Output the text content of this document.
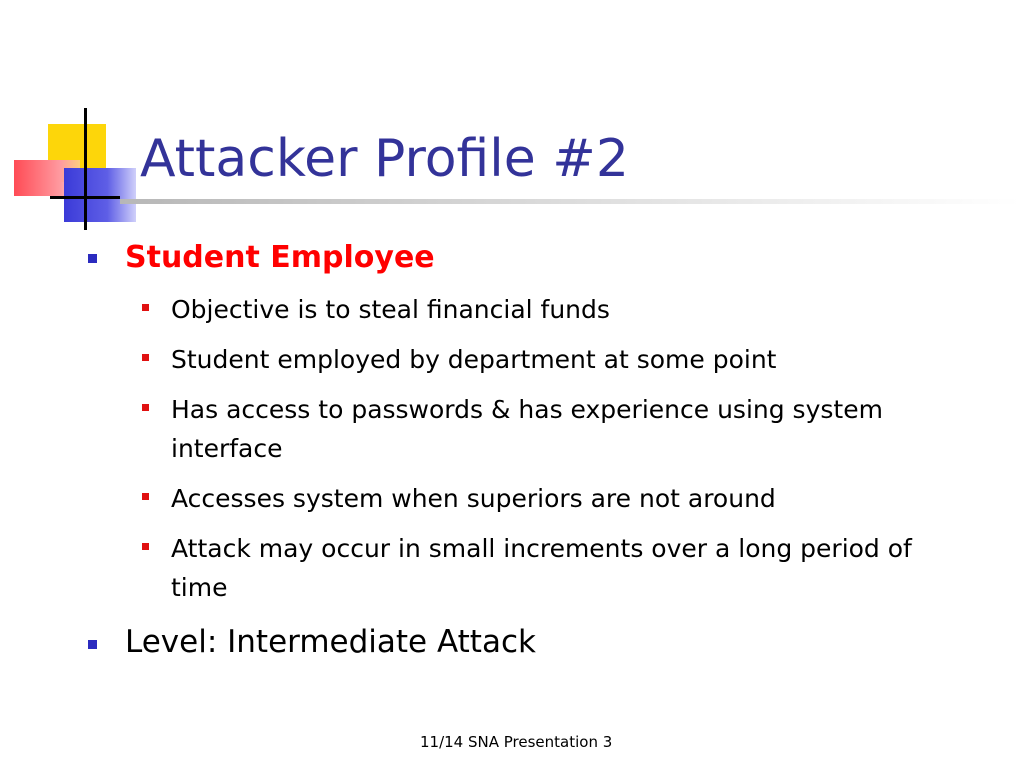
Attacker Profile #2
Student Employee
Objective is to steal financial funds
Student employed by department at some point
Has access to passwords & has experience using system interface
Accesses system when superiors are not around
Attack may occur in small increments over a long period of time
Level: Intermediate Attack
11/14 SNA Presentation 3
